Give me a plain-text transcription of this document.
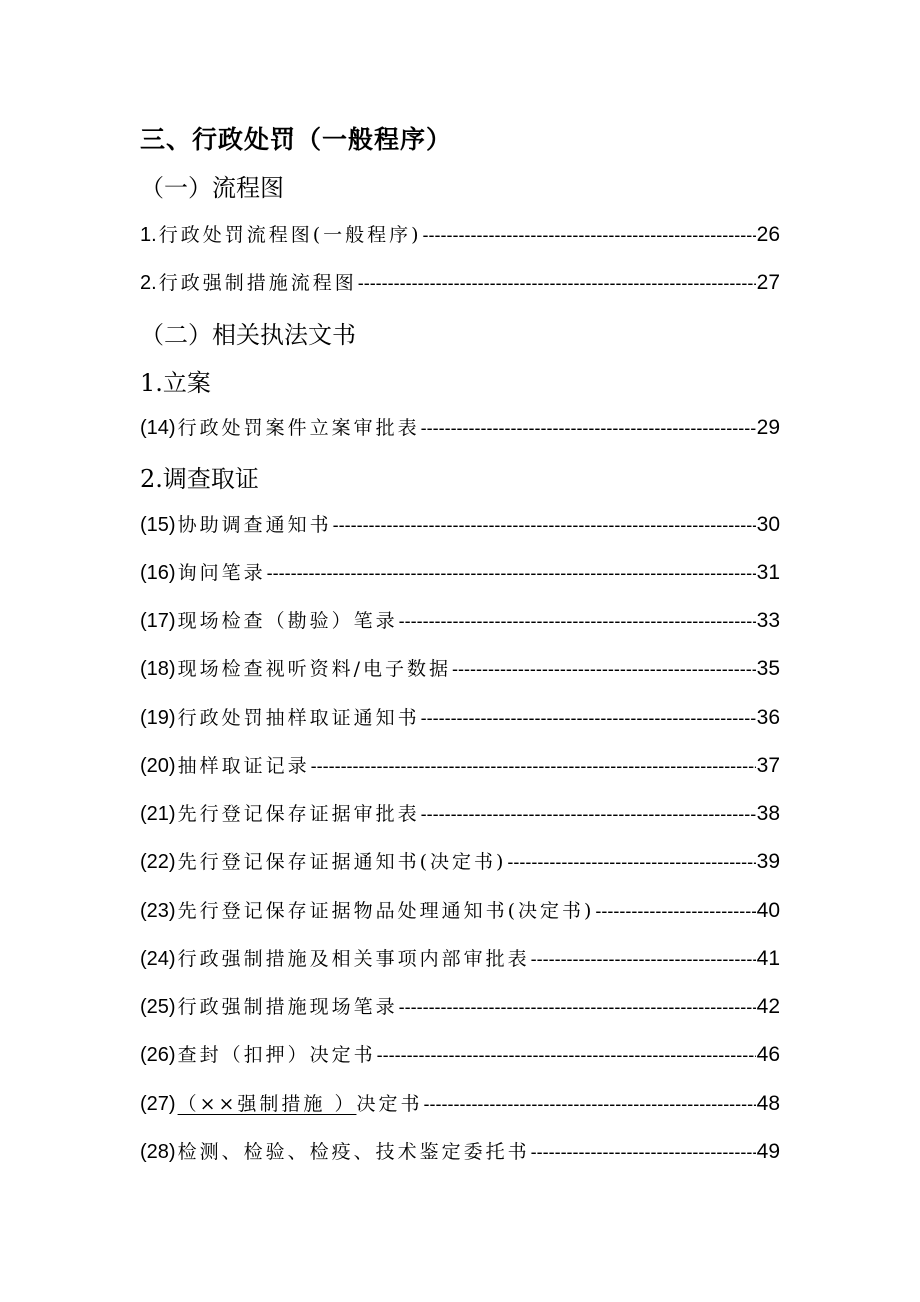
三、行政处罚（一般程序）
（一）流程图
1. 行政处罚流程图(一般程序) -----	26
2. 行政强制措施流程图 -----	27
（二）相关执法文书
1.立案
(14) 行政处罚案件立案审批表 -----	29
2.调查取证
(15) 协助调查通知书 -----	30
(16) 询问笔录 -----	31
(17) 现场检查（勘验）笔录 -----	33
(18) 现场检查视听资料/电子数据 -----	35
(19) 行政处罚抽样取证通知书 -----	36
(20) 抽样取证记录 -----	37
(21) 先行登记保存证据审批表 -----	38
(22) 先行登记保存证据通知书(决定书) -----	39
(23) 先行登记保存证据物品处理通知书(决定书) -----	40
(24) 行政强制措施及相关事项内部审批表 -----	41
(25) 行政强制措施现场笔录 -----	42
(26) 查封（扣押）决定书 -----	46
(27) （××强制措施 ）决定书 -----	48
(28) 检测、检验、检疫、技术鉴定委托书 -----	49
